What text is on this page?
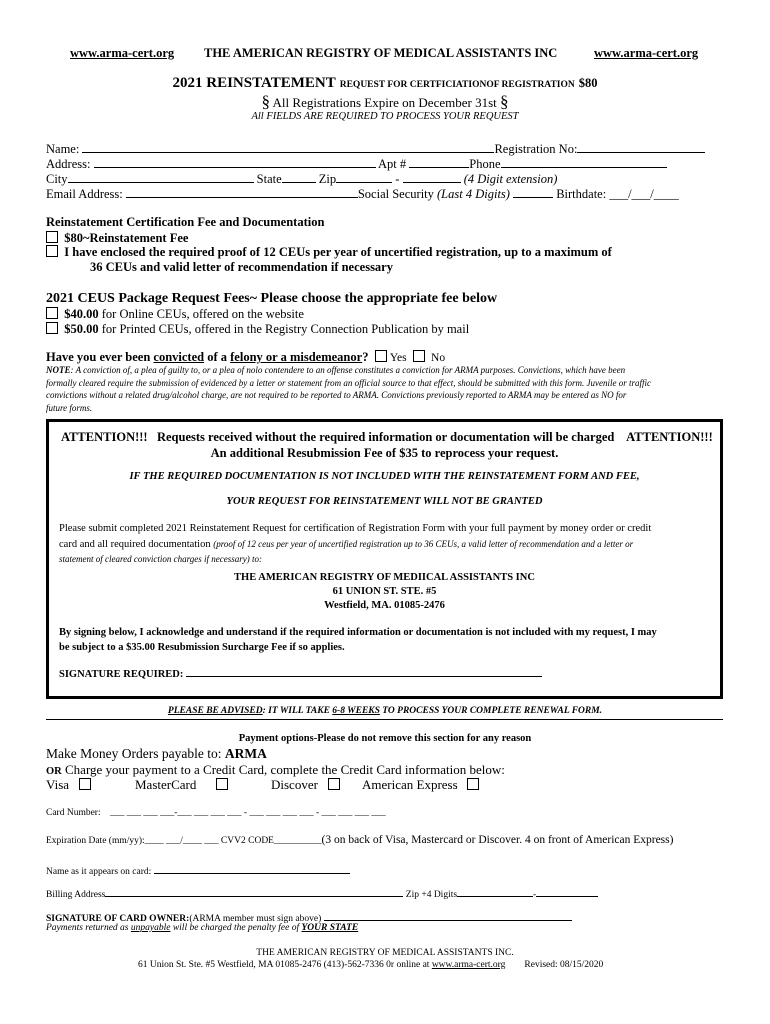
www.arma-cert.org THE AMERICAN REGISTRY OF MEDICAL ASSISTANTS INC	www.arma-cert.org
2021 REINSTATEMENT REQUEST FOR CERTFICIATIONOF REGISTRATION $80
§ All Registrations Expire on December 31st §
All FIELDS ARE REQUIRED TO PROCESS YOUR REQUEST
Name:	Registration No:
Address:	Apt #	Phone
City	State	Zip	-	(4 Digit extension)
Email Address:	Social Security (Last 4 Digits)	Birthdate: ___/___/____
Reinstatement Certification Fee and Documentation
$80~Reinstatement Fee
I have enclosed the required proof of 12 CEUs per year of uncertified registration, up to a maximum of
36 CEUs and valid letter of recommendation if necessary
2021 CEUS Package Request Fees~ Please choose the appropriate fee below
$40.00 for Online CEUs, offered on the website
$50.00 for Printed CEUs, offered in the Registry Connection Publication by mail
Have you ever been convicted of a felony or a misdemeanor? Yes No
NOTE: A conviction of, a plea of guilty to, or a plea of nolo contendere to an offense constitutes a conviction for ARMA purposes. Convictions, which have been
formally cleared require the submission of evidenced by a letter or statement from an official source to that effect, should be submitted with this form. Juvenile or traffic
convictions without a related drug/alcohol charge, are not required to be reported to ARMA. Convictions previously reported to ARMA may be entered as NO for
future forms.
ATTENTION!!! Requests received without the required information or documentation will be charged ATTENTION!!!
An additional Resubmission Fee of $35 to reprocess your request.
IF THE REQUIRED DOCUMENTATION IS NOT INCLUDED WITH THE REINSTATEMENT FORM AND FEE,
YOUR REQUEST FOR REINSTATEMENT WILL NOT BE GRANTED
Please submit completed 2021 Reinstatement Request for certification of Registration Form with your full payment by money order or credit
card and all required documentation (proof of 12 ceus per year of uncertified registration up to 36 CEUs, a valid letter of recommendation and a letter or
statement of cleared conviction charges if necessary) to:
THE AMERICAN REGISTRY OF MEDIICAL ASSISTANTS INC
61 UNION ST. STE. #5
Westfield, MA. 01085-2476
By signing below, I acknowledge and understand if the required information or documentation is not included with my request, I may
be subject to a $35.00 Resubmission Surcharge Fee if so applies.
SIGNATURE REQUIRED:
PLEASE BE ADVISED: IT WILL TAKE 6-8 WEEKS TO PROCESS YOUR COMPLETE RENEWAL FORM.
Payment options-Please do not remove this section for any reason
Make Money Orders payable to: ARMA
OR Charge your payment to a Credit Card, complete the Credit Card information below:
Visa	MasterCard	Discover	American Express
Card Number: ___ ___ ___ ___-___ ___ ___ ___ - ___ ___ ___ ___ - ___ ___ ___ ___
Expiration Date (mm/yy):____ ___/____ ___ CVV2 CODE__________(3 on back of Visa, Mastercard or Discover. 4 on front of American Express)
Name as it appears on card:
Billing Address	Zip +4 Digits	-
SIGNATURE OF CARD OWNER:(ARMA member must sign above)
Payments returned as unpayable will be charged the penalty fee of YOUR STATE
THE AMERICAN REGISTRY OF MEDICAL ASSISTANTS INC.
61 Union St. Ste. #5 Westfield, MA 01085-2476 (413)-562-7336 0r online at www.arma-cert.org Revised: 08/15/2020
